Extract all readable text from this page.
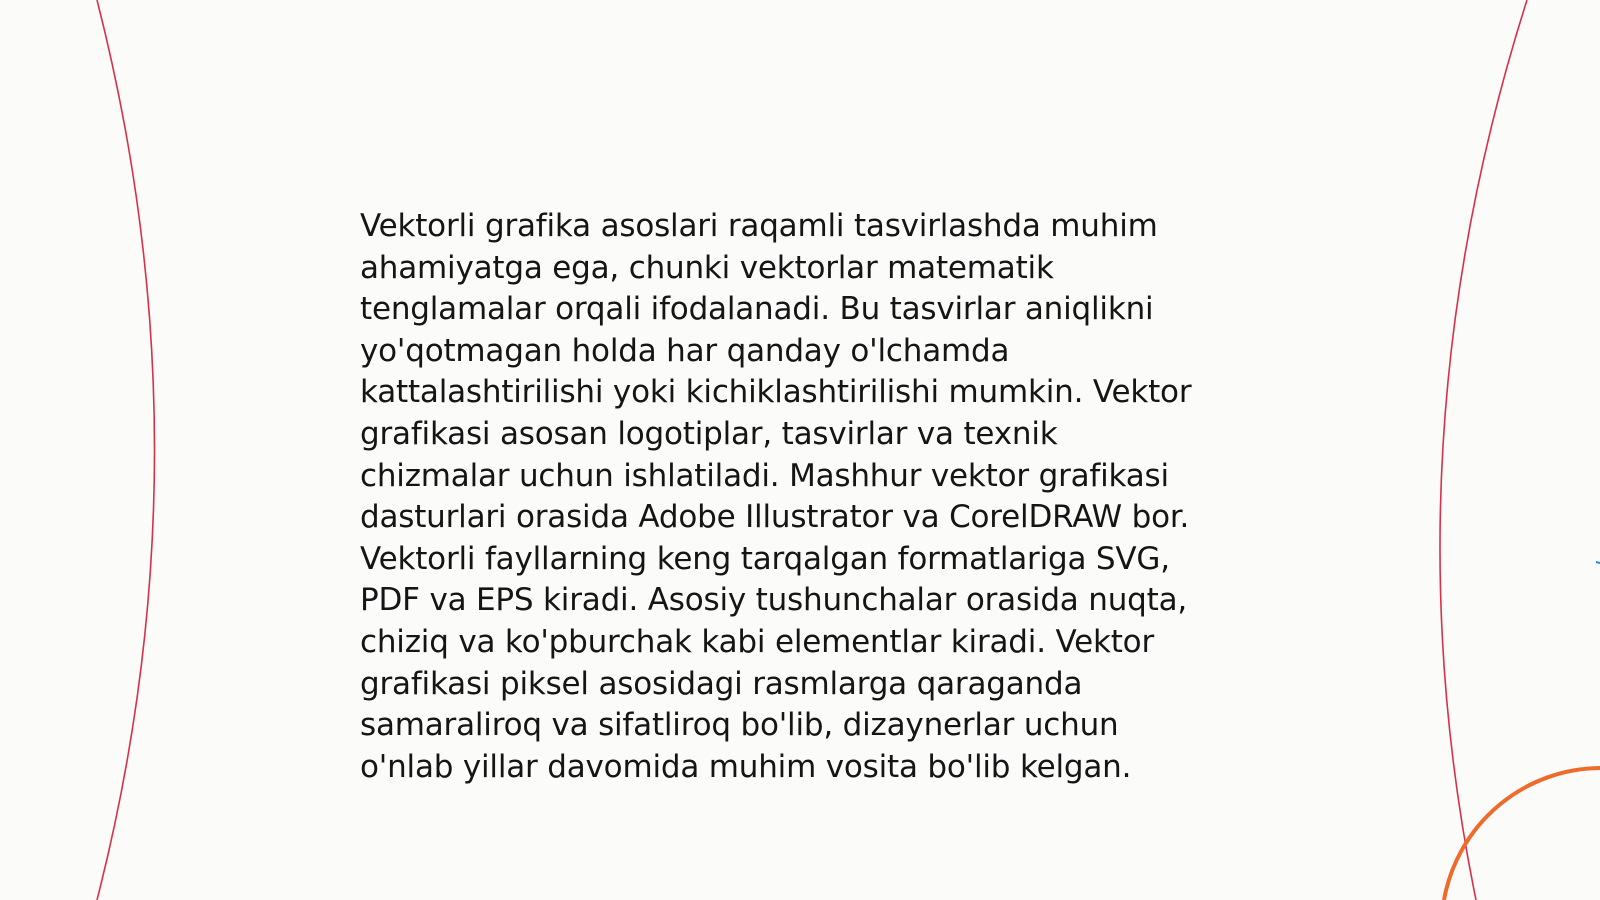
Vektorli grafika asoslari raqamli tasvirlashda muhim
ahamiyatga ega, chunki vektorlar matematik
tenglamalar orqali ifodalanadi. Bu tasvirlar aniqlikni
yo'qotmagan holda har qanday o'lchamda
kattalashtirilishi yoki kichiklashtirilishi mumkin. Vektor
grafikasi asosan logotiplar, tasvirlar va texnik
chizmalar uchun ishlatiladi. Mashhur vektor grafikasi
dasturlari orasida Adobe Illustrator va CorelDRAW bor.
Vektorli fayllarning keng tarqalgan formatlariga SVG,
PDF va EPS kiradi. Asosiy tushunchalar orasida nuqta,
chiziq va ko'pburchak kabi elementlar kiradi. Vektor
grafikasi piksel asosidagi rasmlarga qaraganda
samaraliroq va sifatliroq bo'lib, dizaynerlar uchun
o'nlab yillar davomida muhim vosita bo'lib kelgan.
